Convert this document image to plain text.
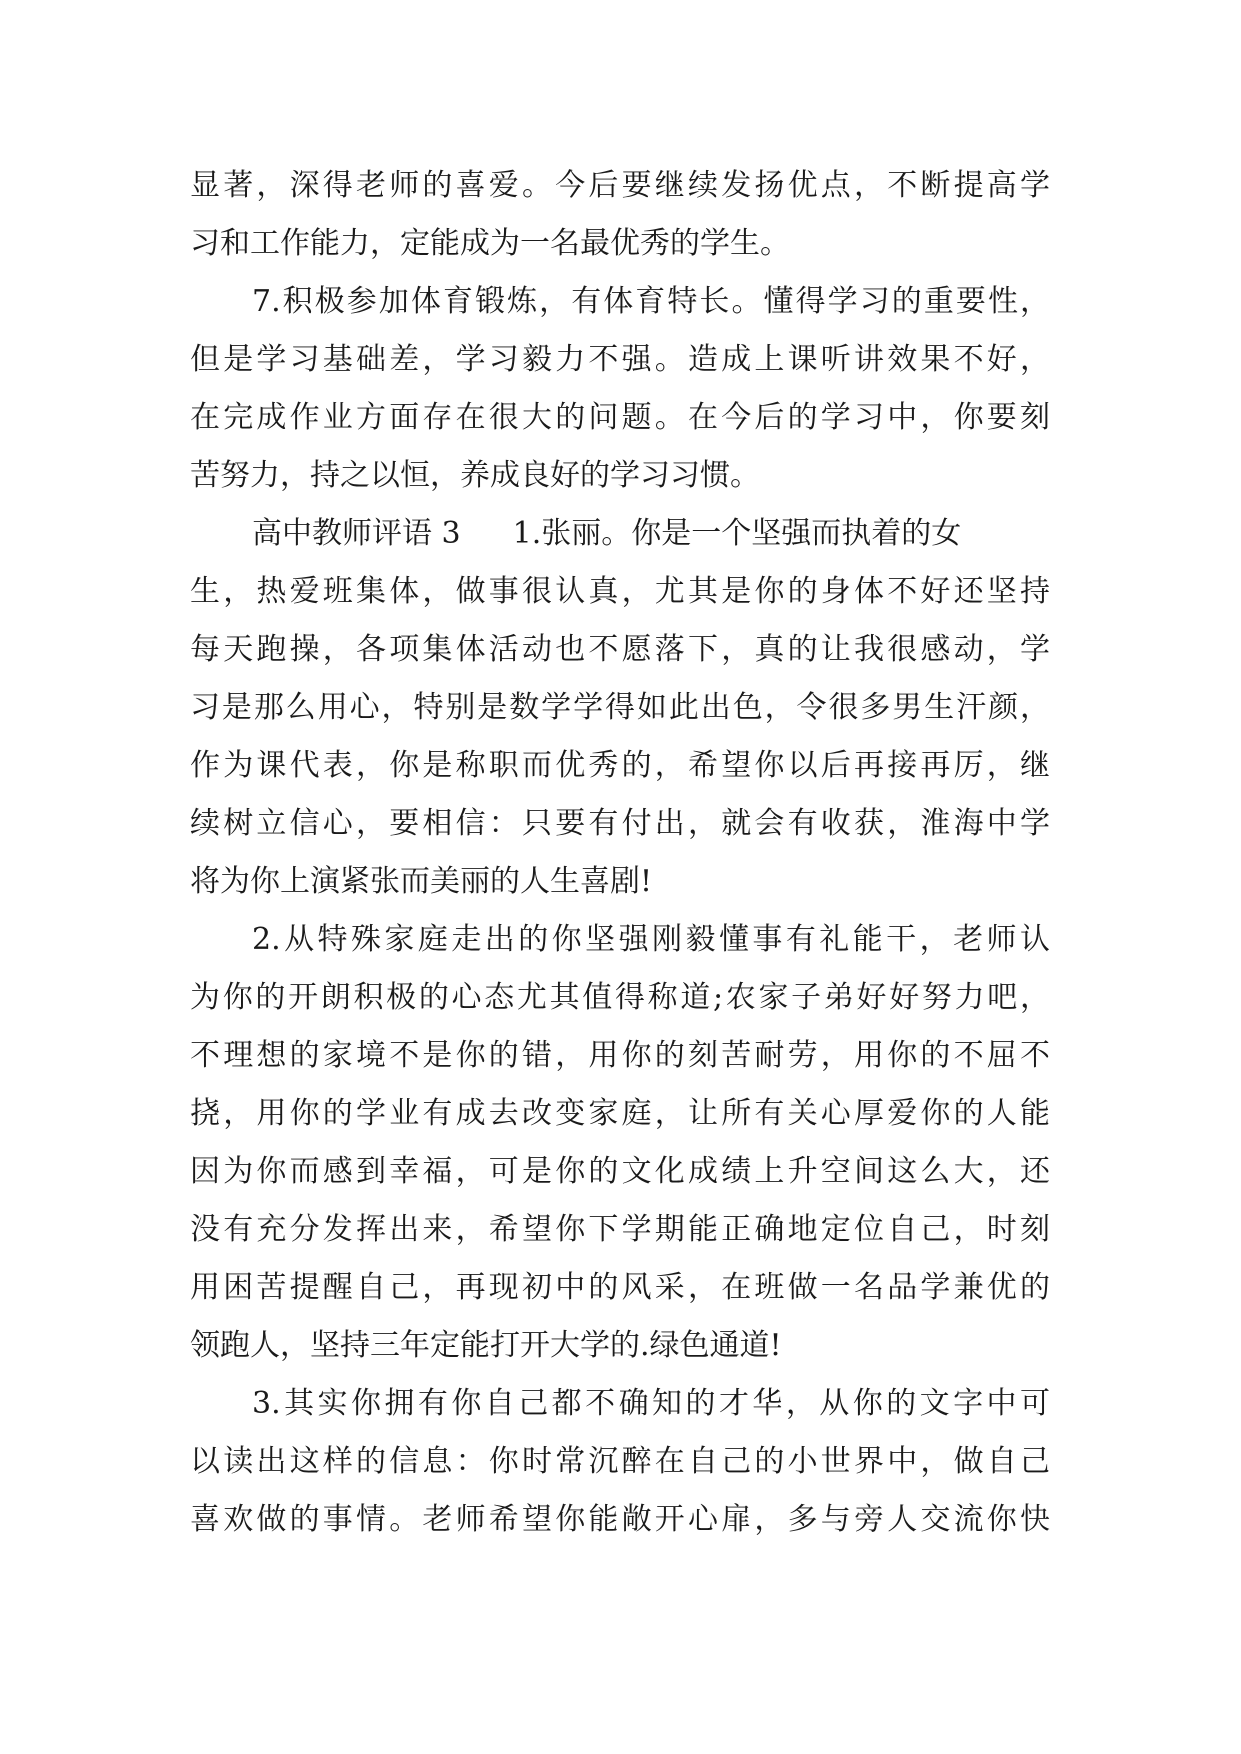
显著，深得老师的喜爱。今后要继续发扬优点，不断提高学
习和工作能力，定能成为一名最优秀的学生。
7.积极参加体育锻炼，有体育特长。懂得学习的重要性，
但是学习基础差，学习毅力不强。造成上课听讲效果不好，
在完成作业方面存在很大的问题。在今后的学习中，你要刻
苦努力，持之以恒，养成良好的学习习惯。
高中教师评语 3 1.张丽。你是一个坚强而执着的女
生，热爱班集体，做事很认真，尤其是你的身体不好还坚持
每天跑操，各项集体活动也不愿落下，真的让我很感动，学
习是那么用心，特别是数学学得如此出色，令很多男生汗颜，
作为课代表，你是称职而优秀的，希望你以后再接再厉，继
续树立信心，要相信：只要有付出，就会有收获，淮海中学
将为你上演紧张而美丽的人生喜剧!
2.从特殊家庭走出的你坚强刚毅懂事有礼能干，老师认
为你的开朗积极的心态尤其值得称道;农家子弟好好努力吧，
不理想的家境不是你的错，用你的刻苦耐劳，用你的不屈不
挠，用你的学业有成去改变家庭，让所有关心厚爱你的人能
因为你而感到幸福，可是你的文化成绩上升空间这么大，还
没有充分发挥出来，希望你下学期能正确地定位自己，时刻
用困苦提醒自己，再现初中的风采，在班做一名品学兼优的
领跑人，坚持三年定能打开大学的.绿色通道!
3.其实你拥有你自己都不确知的才华，从你的文字中可
以读出这样的信息：你时常沉醉在自己的小世界中，做自己
喜欢做的事情。老师希望你能敞开心扉，多与旁人交流你快
